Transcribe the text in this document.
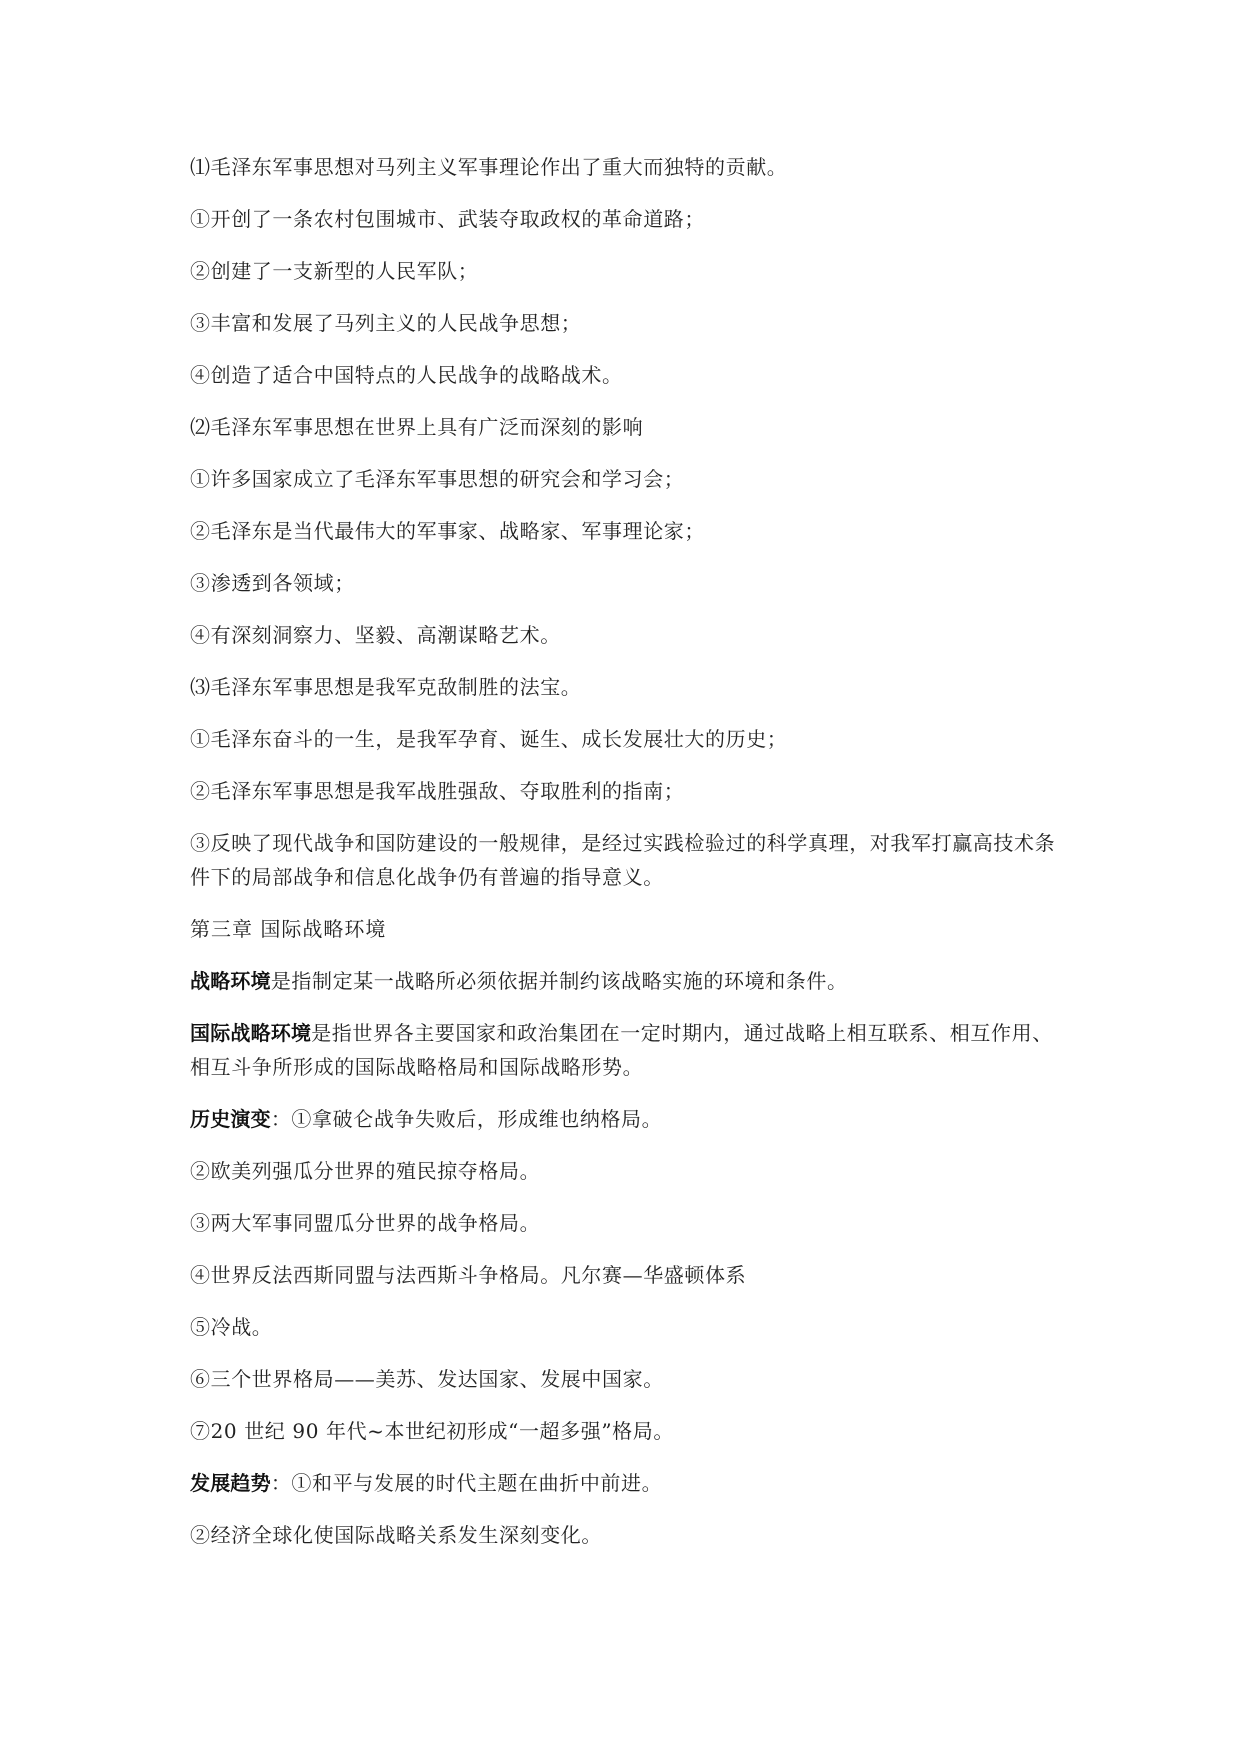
⑴毛泽东军事思想对马列主义军事理论作出了重大而独特的贡献。

①开创了一条农村包围城市、武装夺取政权的革命道路；

②创建了一支新型的人民军队；

③丰富和发展了马列主义的人民战争思想；

④创造了适合中国特点的人民战争的战略战术。

⑵毛泽东军事思想在世界上具有广泛而深刻的影响

①许多国家成立了毛泽东军事思想的研究会和学习会；

②毛泽东是当代最伟大的军事家、战略家、军事理论家；

③渗透到各领域；

④有深刻洞察力、坚毅、高潮谋略艺术。

⑶毛泽东军事思想是我军克敌制胜的法宝。

①毛泽东奋斗的一生，是我军孕育、诞生、成长发展壮大的历史；

②毛泽东军事思想是我军战胜强敌、夺取胜利的指南；

③反映了现代战争和国防建设的一般规律，是经过实践检验过的科学真理，对我军打赢高技术条件下的局部战争和信息化战争仍有普遍的指导意义。

第三章 国际战略环境

战略环境是指制定某一战略所必须依据并制约该战略实施的环境和条件。

国际战略环境是指世界各主要国家和政治集团在一定时期内，通过战略上相互联系、相互作用、相互斗争所形成的国际战略格局和国际战略形势。

历史演变：①拿破仑战争失败后，形成维也纳格局。

②欧美列强瓜分世界的殖民掠夺格局。

③两大军事同盟瓜分世界的战争格局。

④世界反法西斯同盟与法西斯斗争格局。凡尔赛—华盛顿体系

⑤冷战。

⑥三个世界格局——美苏、发达国家、发展中国家。

⑦20 世纪 90 年代~本世纪初形成“一超多强”格局。

发展趋势：①和平与发展的时代主题在曲折中前进。

②经济全球化使国际战略关系发生深刻变化。
